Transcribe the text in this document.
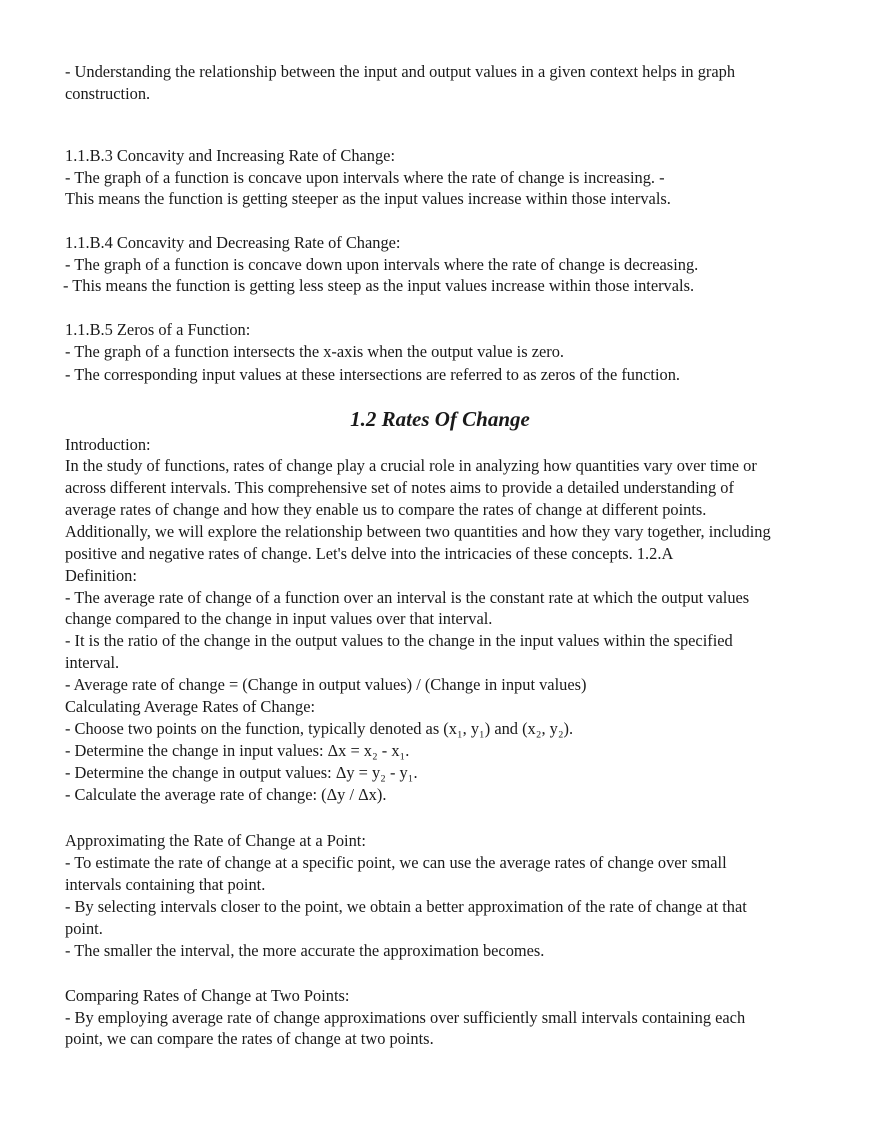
- Understanding the relationship between the input and output values in a given context helps in graph
construction.
1.1.B.3 Concavity and Increasing Rate of Change:
- The graph of a function is concave upon intervals where the rate of change is increasing. -
This means the function is getting steeper as the input values increase within those intervals.
1.1.B.4 Concavity and Decreasing Rate of Change:
- The graph of a function is concave down upon intervals where the rate of change is decreasing.
- This means the function is getting less steep as the input values increase within those intervals.
1.1.B.5 Zeros of a Function:
- The graph of a function intersects the x-axis when the output value is zero.
- The corresponding input values at these intersections are referred to as zeros of the function.
1.2 Rates Of Change
Introduction:
In the study of functions, rates of change play a crucial role in analyzing how quantities vary over time or
across different intervals. This comprehensive set of notes aims to provide a detailed understanding of
average rates of change and how they enable us to compare the rates of change at different points.
Additionally, we will explore the relationship between two quantities and how they vary together, including
positive and negative rates of change. Let's delve into the intricacies of these concepts. 1.2.A
Definition:
- The average rate of change of a function over an interval is the constant rate at which the output values
change compared to the change in input values over that interval.
- It is the ratio of the change in the output values to the change in the input values within the specified
interval.
- Average rate of change = (Change in output values) / (Change in input values)
Calculating Average Rates of Change:
- Choose two points on the function, typically denoted as (x₁, y₁) and (x₂, y₂).
- Determine the change in input values: Δx = x₂ - x₁.
- Determine the change in output values: Δy = y₂ - y₁.
- Calculate the average rate of change: (Δy / Δx).
Approximating the Rate of Change at a Point:
- To estimate the rate of change at a specific point, we can use the average rates of change over small
intervals containing that point.
- By selecting intervals closer to the point, we obtain a better approximation of the rate of change at that
point.
- The smaller the interval, the more accurate the approximation becomes.
Comparing Rates of Change at Two Points:
- By employing average rate of change approximations over sufficiently small intervals containing each
point, we can compare the rates of change at two points.
